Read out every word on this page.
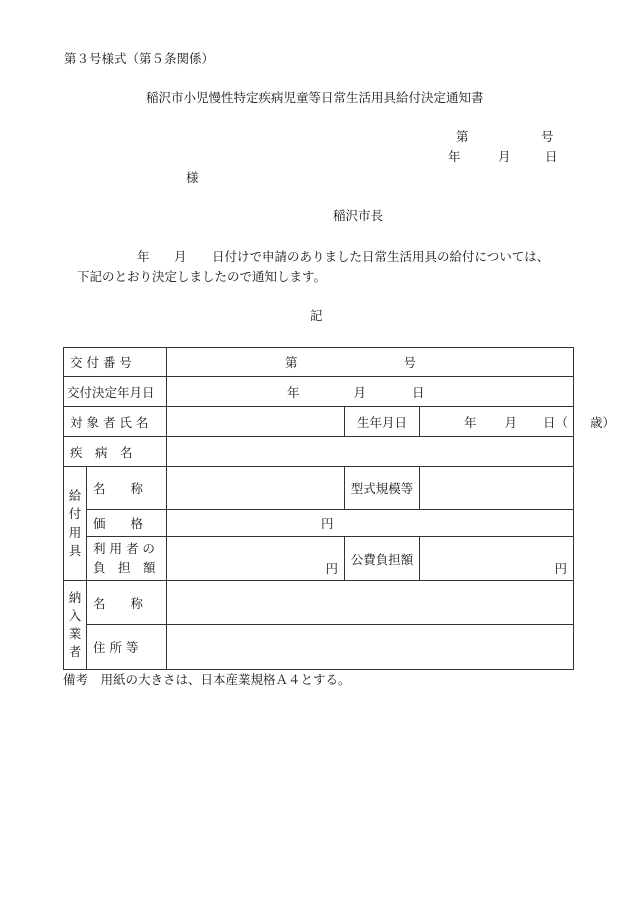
第３号様式（第５条関係）
稲沢市小児慢性特定疾病児童等日常生活用具給付決定通知書
第	号
年	月	日
様
稲沢市長
年 月 日付けで申請のありました日常生活用具の給付については、
下記のとおり決定しましたので通知します。
記
交 付 番 号		第 号		
交付決定年月日		年 月 日		
対 象 者 氏 名			生年月日	年 月 日（ 歳）
疾　病　名				

給
付
用
具	名　　称		型式規模等	
	価　　格	円		

	利 用 者 の
負　担　額	円	公費負担額	円

納
入
業
者	名　　称			
	住 所 等			
備考　用紙の大きさは、日本産業規格Ａ４とする。
